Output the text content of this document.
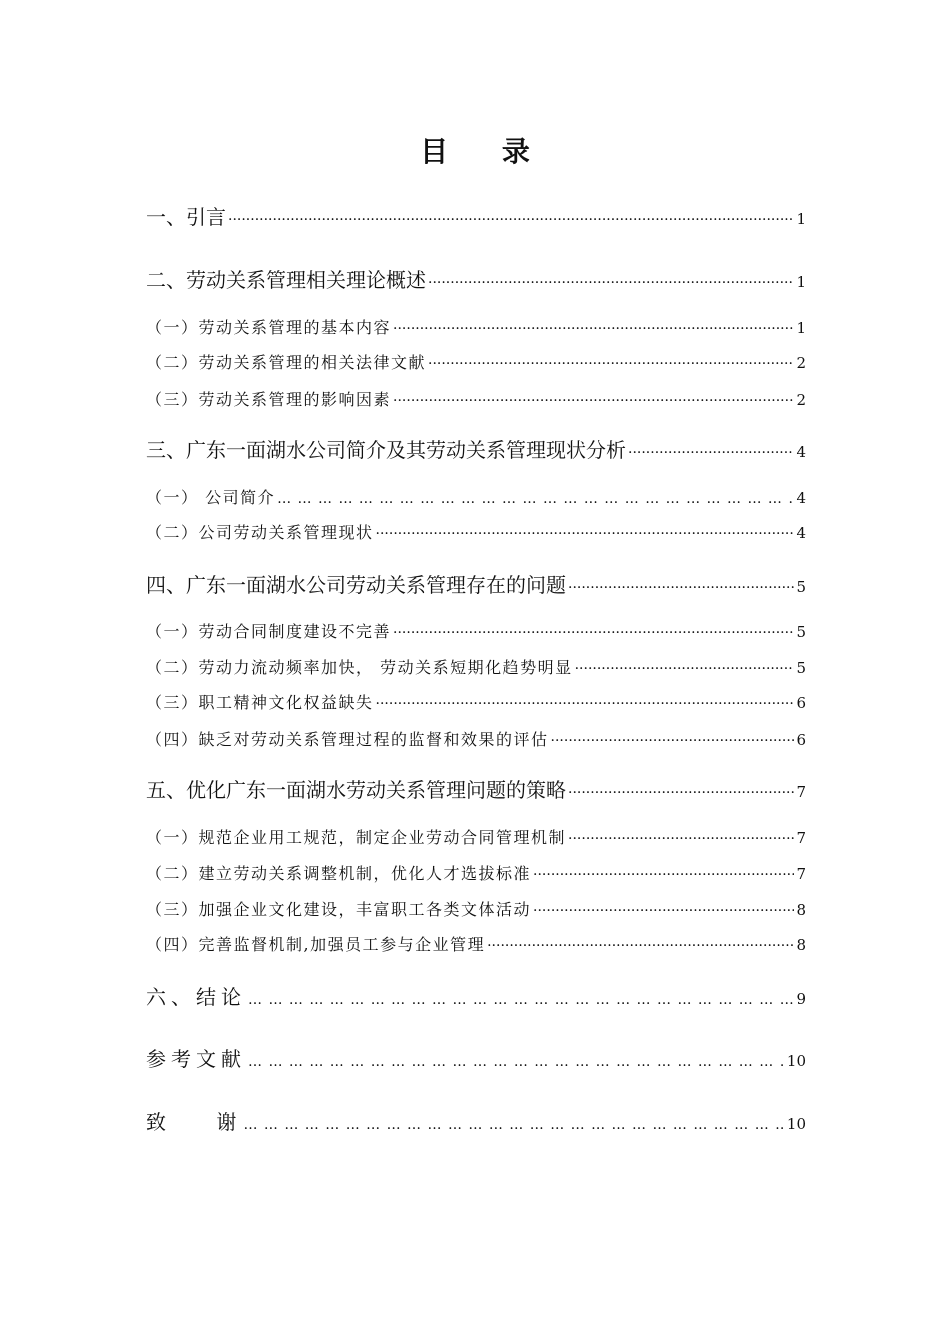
目 录
一、引言 ·····	1
二、劳动关系管理相关理论概述 ·····	1
（一）劳动关系管理的基本内容 ·····	1
（二）劳动关系管理的相关法律文献 ·····	2
（三）劳动关系管理的影响因素 ·····	2
三、广东一面湖水公司简介及其劳动关系管理现状分析 ·····	4
（一） 公司简介 … … … … … … … … … … … … … … … … … … … … … … … … … … … … … … … … … … … … … … … … … … … … … … … …	4
（二）公司劳动关系管理现状 ·····	4
四、广东一面湖水公司劳动关系管理存在的问题 ·····	5
（一）劳动合同制度建设不完善 ·····	5
（二）劳动力流动频率加快， 劳动关系短期化趋势明显 ·····	5
（三）职工精神文化权益缺失 ·····	6
（四）缺乏对劳动关系管理过程的监督和效果的评估 ·····	6
五、优化广东一面湖水劳动关系管理问题的策略 ·····	7
（一）规范企业用工规范，制定企业劳动合同管理机制 ·····	7
（二）建立劳动关系调整机制，优化人才选拔标准 ·····	7
（三）加强企业文化建设，丰富职工各类文体活动 ·····	8
（四）完善监督机制,加强员工参与企业管理 ·····	8
六、结论 … … … … … … … … … … … … … … … … … … … … … … … … … … … … … … … … … … … … … … … … … … … … … … … …	9
参考文献 … … … … … … … … … … … … … … … … … … … … … … … … … … … … … … … … … … … … … … … … … … … … … … … …	10
致    谢 … … … … … … … … … … … … … … … … … … … … … … … … … … … … … … … … … … … … … … … … … … … … … … … …	10
